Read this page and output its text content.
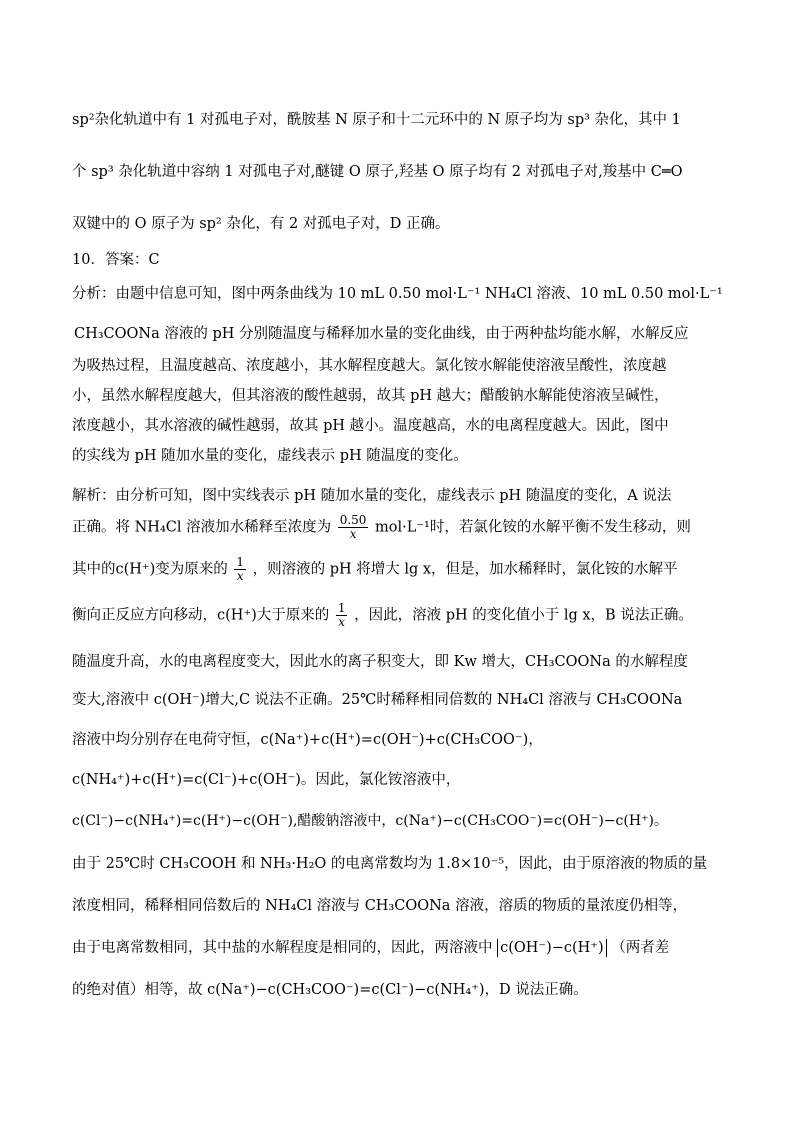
sp²杂化轨道中有 1 对孤电子对，酰胺基 N 原子和十二元环中的 N 原子均为 sp³ 杂化，其中 1
个 sp³ 杂化轨道中容纳 1 对孤电子对,醚键 O 原子,羟基 O 原子均有 2 对孤电子对,羧基中 C═O
双键中的 O 原子为 sp² 杂化，有 2 对孤电子对，D 正确。
10．答案：C
分析：由题中信息可知，图中两条曲线为 10 mL 0.50 mol·L⁻¹ NH₄Cl 溶液、10 mL 0.50 mol·L⁻¹
CH₃COONa 溶液的 pH 分别随温度与稀释加水量的变化曲线，由于两种盐均能水解，水解反应
为吸热过程，且温度越高、浓度越小，其水解程度越大。氯化铵水解能使溶液呈酸性，浓度越
小，虽然水解程度越大，但其溶液的酸性越弱，故其 pH 越大；醋酸钠水解能使溶液呈碱性，
浓度越小，其水溶液的碱性越弱，故其 pH 越小。温度越高，水的电离程度越大。因此，图中
的实线为 pH 随加水量的变化，虚线表示 pH 随温度的变化。
解析：由分析可知，图中实线表示 pH 随加水量的变化，虚线表示 pH 随温度的变化，A 说法
正确。将 NH₄Cl 溶液加水稀释至浓度为 $\frac{0.50}{x} mol\cdot L^{-1}$时，若氯化铵的水解平衡不发生移动，则
其中的c(H⁺)变为原来的 $\frac{1}{x}$ ，则溶液的 pH 将增大 lg x，但是，加水稀释时，氯化铵的水解平
衡向正反应方向移动，c(H⁺)大于原来的 $\frac{1}{x}$ ，因此，溶液 pH 的变化值小于 lg x，B 说法正确。
随温度升高，水的电离程度变大，因此水的离子积变大，即 Kw 增大，CH₃COONa 的水解程度
变大,溶液中 c(OH⁻)增大,C 说法不正确。25℃时稀释相同倍数的 NH₄Cl 溶液与 CH₃COONa
溶液中均分别存在电荷守恒，c(Na⁺)+c(H⁺)=c(OH⁻)+c(CH₃COO⁻)，
c(NH₄⁺)+c(H⁺)=c(Cl⁻)+c(OH⁻)。因此，氯化铵溶液中，
c(Cl⁻)−c(NH₄⁺)=c(H⁺)−c(OH⁻),醋酸钠溶液中，c(Na⁺)−c(CH₃COO⁻)=c(OH⁻)−c(H⁺)。
由于 25℃时 CH₃COOH 和 NH₃·H₂O 的电离常数均为 1.8×10⁻⁵，因此，由于原溶液的物质的量
浓度相同，稀释相同倍数后的 NH₄Cl 溶液与 CH₃COONa 溶液，溶质的物质的量浓度仍相等，
由于电离常数相同，其中盐的水解程度是相同的，因此，两溶液中 c(OH⁻)−c(H⁺) （两者差
的绝对值）相等，故 c(Na⁺)−c(CH₃COO⁻)=c(Cl⁻)−c(NH₄⁺)，D 说法正确。
